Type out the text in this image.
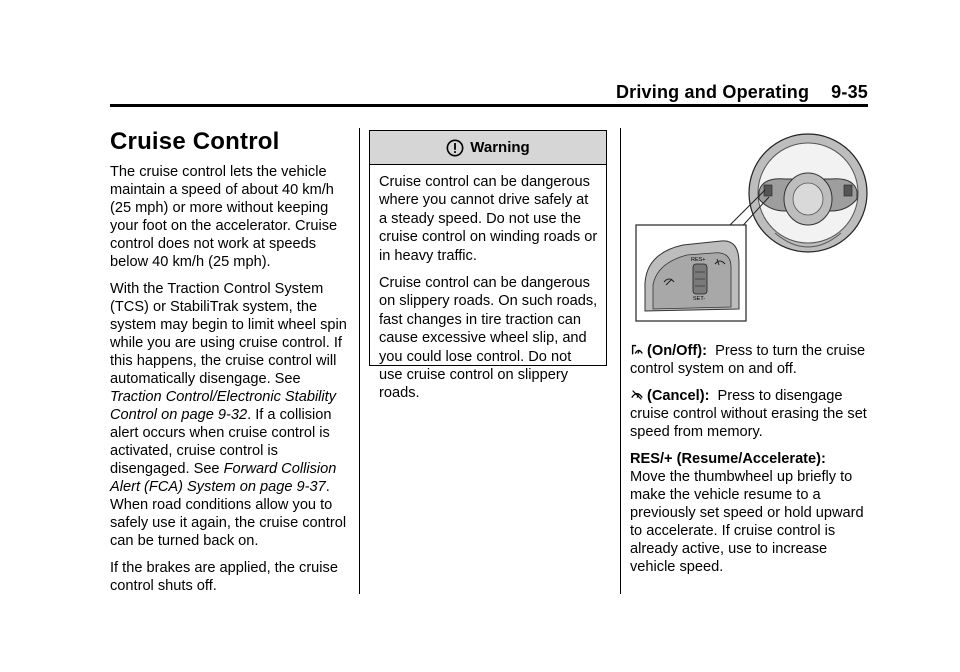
Driving and Operating 9-35
Cruise Control

The cruise control lets the vehicle maintain a speed of about 40 km/h (25 mph) or more without keeping your foot on the accelerator. Cruise control does not work at speeds below 40 km/h (25 mph).

With the Traction Control System (TCS) or StabiliTrak system, the system may begin to limit wheel spin while you are using cruise control. If this happens, the cruise control will automatically disengage. See Traction Control/Electronic Stability Control on page 9-32. If a collision alert occurs when cruise control is activated, cruise control is disengaged. See Forward Collision Alert (FCA) System on page 9-37. When road conditions allow you to safely use it again, the cruise control can be turned back on.

If the brakes are applied, the cruise control shuts off.

Warning

Cruise control can be dangerous where you cannot drive safely at a steady speed. Do not use the cruise control on winding roads or in heavy traffic.

Cruise control can be dangerous on slippery roads. On such roads, fast changes in tire traction can cause excessive wheel slip, and you could lose control. Do not use cruise control on slippery roads.

RES+
SET-

(On/Off): Press to turn the cruise control system on and off.

(Cancel): Press to disengage cruise control without erasing the set speed from memory.

RES/+ (Resume/Accelerate):
Move the thumbwheel up briefly to make the vehicle resume to a previously set speed or hold upward to accelerate. If cruise control is already active, use to increase vehicle speed.
